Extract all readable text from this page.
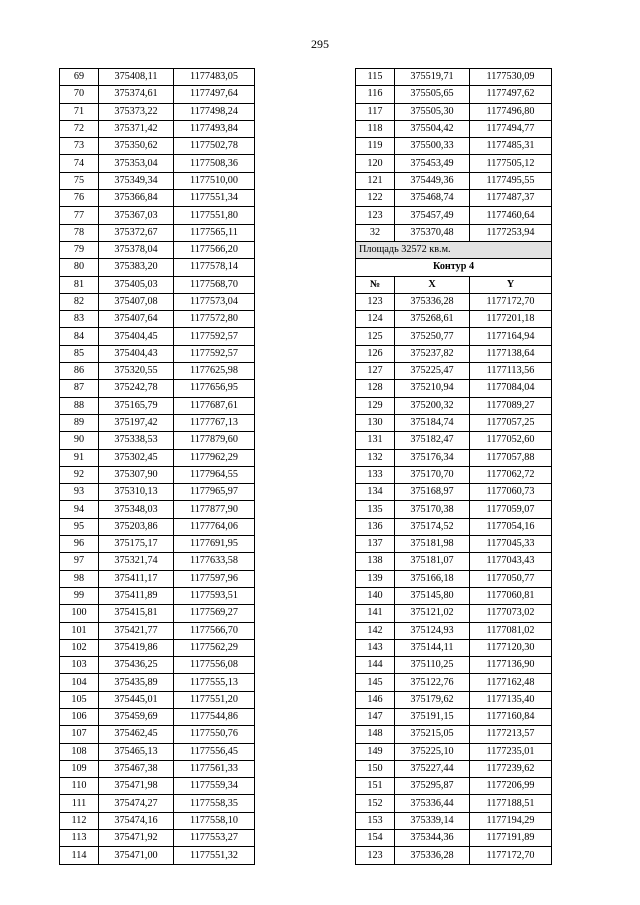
295
69	375408,11	1177483,05
70	375374,61	1177497,64
71	375373,22	1177498,24
72	375371,42	1177493,84
73	375350,62	1177502,78
74	375353,04	1177508,36
75	375349,34	1177510,00
76	375366,84	1177551,34
77	375367,03	1177551,80
78	375372,67	1177565,11
79	375378,04	1177566,20
80	375383,20	1177578,14
81	375405,03	1177568,70
82	375407,08	1177573,04
83	375407,64	1177572,80
84	375404,45	1177592,57
85	375404,43	1177592,57
86	375320,55	1177625,98
87	375242,78	1177656,95
88	375165,79	1177687,61
89	375197,42	1177767,13
90	375338,53	1177879,60
91	375302,45	1177962,29
92	375307,90	1177964,55
93	375310,13	1177965,97
94	375348,03	1177877,90
95	375203,86	1177764,06
96	375175,17	1177691,95
97	375321,74	1177633,58
98	375411,17	1177597,96
99	375411,89	1177593,51
100	375415,81	1177569,27
101	375421,77	1177566,70
102	375419,86	1177562,29
103	375436,25	1177556,08
104	375435,89	1177555,13
105	375445,01	1177551,20
106	375459,69	1177544,86
107	375462,45	1177550,76
108	375465,13	1177556,45
109	375467,38	1177561,33
110	375471,98	1177559,34
111	375474,27	1177558,35
112	375474,16	1177558,10
113	375471,92	1177553,27
114	375471,00	1177551,32
115	375519,71	1177530,09
116	375505,65	1177497,62
117	375505,30	1177496,80
118	375504,42	1177494,77
119	375500,33	1177485,31
120	375453,49	1177505,12
121	375449,36	1177495,55
122	375468,74	1177487,37
123	375457,49	1177460,64
32	375370,48	1177253,94
Площадь 32572 кв.м.		
Контур 4		
№	X	Y
123	375336,28	1177172,70
124	375268,61	1177201,18
125	375250,77	1177164,94
126	375237,82	1177138,64
127	375225,47	1177113,56
128	375210,94	1177084,04
129	375200,32	1177089,27
130	375184,74	1177057,25
131	375182,47	1177052,60
132	375176,34	1177057,88
133	375170,70	1177062,72
134	375168,97	1177060,73
135	375170,38	1177059,07
136	375174,52	1177054,16
137	375181,98	1177045,33
138	375181,07	1177043,43
139	375166,18	1177050,77
140	375145,80	1177060,81
141	375121,02	1177073,02
142	375124,93	1177081,02
143	375144,11	1177120,30
144	375110,25	1177136,90
145	375122,76	1177162,48
146	375179,62	1177135,40
147	375191,15	1177160,84
148	375215,05	1177213,57
149	375225,10	1177235,01
150	375227,44	1177239,62
151	375295,87	1177206,99
152	375336,44	1177188,51
153	375339,14	1177194,29
154	375344,36	1177191,89
123	375336,28	1177172,70
